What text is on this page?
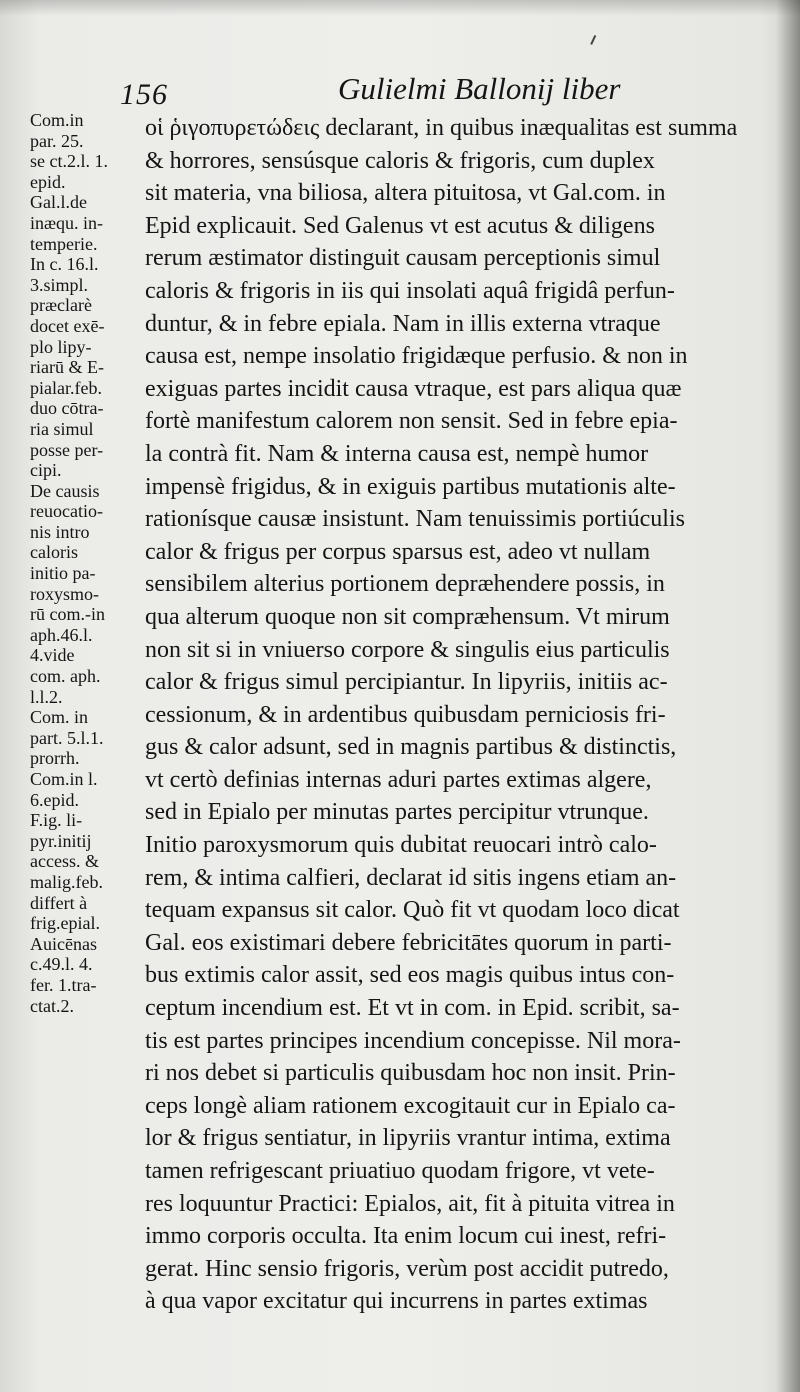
156	Gulielmi Ballonij liber
Com.in
par. 25.
se ct.2.l. 1.
epid.
Gal.l.de
inæqu. in-
temperie.
In c. 16.l.
3.simpl.
præclarè
docet exē-
plo lipy-
riarū & E-
pialar.feb.
duo cōtra-
ria simul
posse per-
cipi.
De causis
reuocatio-
nis intro
caloris
initio pa-
roxysmo-
rū com.-in
aph.46.l.
4.vide
com. aph.
l.l.2.
Com. in
part. 5.l.1.
prorrh.
Com.in l.
6.epid.
F.ig. li-
pyr.initij
access. &
malig.feb.
differt à
frig.epial.
Auicēnas
c.49.l. 4.
fer. 1.tra-
ctat.2.
οἱ ῥιγοπυρετώδεις declarant, in quibus inæqualitas est summa
& horrores, sensúsque caloris & frigoris, cum duplex
sit materia, vna biliosa, altera pituitosa, vt Gal.com. in
Epid explicauit. Sed Galenus vt est acutus & diligens
rerum æstimator distinguit causam perceptionis simul
caloris & frigoris in iis qui insolati aquâ frigidâ perfun-
duntur, & in febre epiala. Nam in illis externa vtraque
causa est, nempe insolatio frigidæque perfusio. & non in
exiguas partes incidit causa vtraque, est pars aliqua quæ
fortè manifestum calorem non sensit. Sed in febre epia-
la contrà fit. Nam & interna causa est, nempè humor
impensè frigidus, & in exiguis partibus mutationis alte-
rationísque causæ insistunt. Nam tenuissimis portiúculis
calor & frigus per corpus sparsus est, adeo vt nullam
sensibilem alterius portionem depræhendere possis, in
qua alterum quoque non sit compræhensum. Vt mirum
non sit si in vniuerso corpore & singulis eius particulis
calor & frigus simul percipiantur. In lipyriis, initiis ac-
cessionum, & in ardentibus quibusdam perniciosis fri-
gus & calor adsunt, sed in magnis partibus & distinctis,
vt certò definias internas aduri partes extimas algere,
sed in Epialo per minutas partes percipitur vtrunque.
Initio paroxysmorum quis dubitat reuocari intrò calo-
rem, & intima calfieri, declarat id sitis ingens etiam an-
tequam expansus sit calor. Quò fit vt quodam loco dicat
Gal. eos existimari debere febricitātes quorum in parti-
bus extimis calor assit, sed eos magis quibus intus con-
ceptum incendium est. Et vt in com. in Epid. scribit, sa-
tis est partes principes incendium concepisse. Nil mora-
ri nos debet si particulis quibusdam hoc non insit. Prin-
ceps longè aliam rationem excogitauit cur in Epialo ca-
lor & frigus sentiatur, in lipyriis vrantur intima, extima
tamen refrigescant priuatiuo quodam frigore, vt vete-
res loquuntur Practici: Epialos, ait, fit à pituita vitrea in
immo corporis occulta. Ita enim locum cui inest, refri-
gerat. Hinc sensio frigoris, verùm post accidit putredo,
à qua vapor excitatur qui incurrens in partes extimas
